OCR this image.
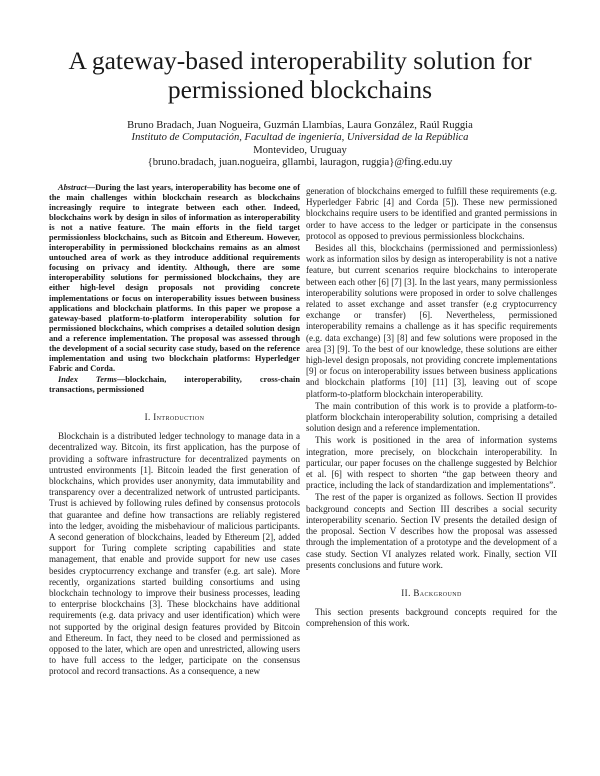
A gateway-based interoperability solution for
permissioned blockchains
Bruno Bradach, Juan Nogueira, Guzmán Llambías, Laura González, Raúl Ruggia
Instituto de Computación, Facultad de ingeniería, Universidad de la República
Montevideo, Uruguay
{bruno.bradach, juan.nogueira, gllambi, lauragon, ruggia}@fing.edu.uy

Abstract—During the last years, interoperability has become one of the main challenges within blockchain research as blockchains increasingly require to integrate between each other. Indeed, blockchains work by design in silos of information as interoperability is not a native feature. The main efforts in the field target permissionless blockchains, such as Bitcoin and Ethereum. However, interoperability in permissioned blockchains remains as an almost untouched area of work as they introduce additional requirements focusing on privacy and identity. Although, there are some interoperability solutions for permissioned blockchains, they are either high-level design proposals not providing concrete implementations or focus on interoperability issues between business applications and blockchain platforms. In this paper we propose a gateway-based platform-to-platform interoperability solution for permissioned blockchains, which comprises a detailed solution design and a reference implementation. The proposal was assessed through the development of a social security case study, based on the reference implementation and using two blockchain platforms: Hyperledger Fabric and Corda.

Index Terms—blockchain, interoperability, cross-chain transactions, permissioned

I. Introduction

Blockchain is a distributed ledger technology to manage data in a decentralized way. Bitcoin, its first application, has the purpose of providing a software infrastructure for decentralized payments on untrusted environments [1]. Bitcoin leaded the first generation of blockchains, which provides user anonymity, data immutability and transparency over a decentralized network of untrusted participants. Trust is achieved by following rules defined by consensus protocols that guarantee and define how transactions are reliably registered into the ledger, avoiding the misbehaviour of malicious participants. A second generation of blockchains, leaded by Ethereum [2], added support for Turing complete scripting capabilities and state management, that enable and provide support for new use cases besides cryptocurrency exchange and transfer (e.g. art sale). More recently, organizations started building consortiums and using blockchain technology to improve their business processes, leading to enterprise blockchains [3]. These blockchains have additional requirements (e.g. data privacy and user identification) which were not supported by the original design features provided by Bitcoin and Ethereum. In fact, they need to be closed and permissioned as opposed to the later, which are open and unrestricted, allowing users to have full access to the ledger, participate on the consensus protocol and record transactions. As a consequence, a new

generation of blockchains emerged to fulfill these requirements (e.g. Hyperledger Fabric [4] and Corda [5]). These new permissioned blockchains require users to be identified and granted permissions in order to have access to the ledger or participate in the consensus protocol as opposed to previous permissionless blockchains.

Besides all this, blockchains (permissioned and permissionless) work as information silos by design as interoperability is not a native feature, but current scenarios require blockchains to interoperate between each other [6] [7] [3]. In the last years, many permissionless interoperability solutions were proposed in order to solve challenges related to asset exchange and asset transfer (e.g cryptocurrency exchange or transfer) [6]. Nevertheless, permissioned interoperability remains a challenge as it has specific requirements (e.g. data exchange) [3] [8] and few solutions were proposed in the area [3] [9]. To the best of our knowledge, these solutions are either high-level design proposals, not providing concrete implementations [9] or focus on interoperability issues between business applications and blockchain platforms [10] [11] [3], leaving out of scope platform-to-platform blockchain interoperability.

The main contribution of this work is to provide a platform-to-platform blockchain interoperability solution, comprising a detailed solution design and a reference implementation.

This work is positioned in the area of information systems integration, more precisely, on blockchain interoperability. In particular, our paper focuses on the challenge suggested by Belchior et al. [6] with respect to shorten “the gap between theory and practice, including the lack of standardization and implementations”.

The rest of the paper is organized as follows. Section II provides background concepts and Section III describes a social security interoperability scenario. Section IV presents the detailed design of the proposal. Section V describes how the proposal was assessed through the implementation of a prototype and the development of a case study. Section VI analyzes related work. Finally, section VII presents conclusions and future work.

II. Background

This section presents background concepts required for the comprehension of this work.
